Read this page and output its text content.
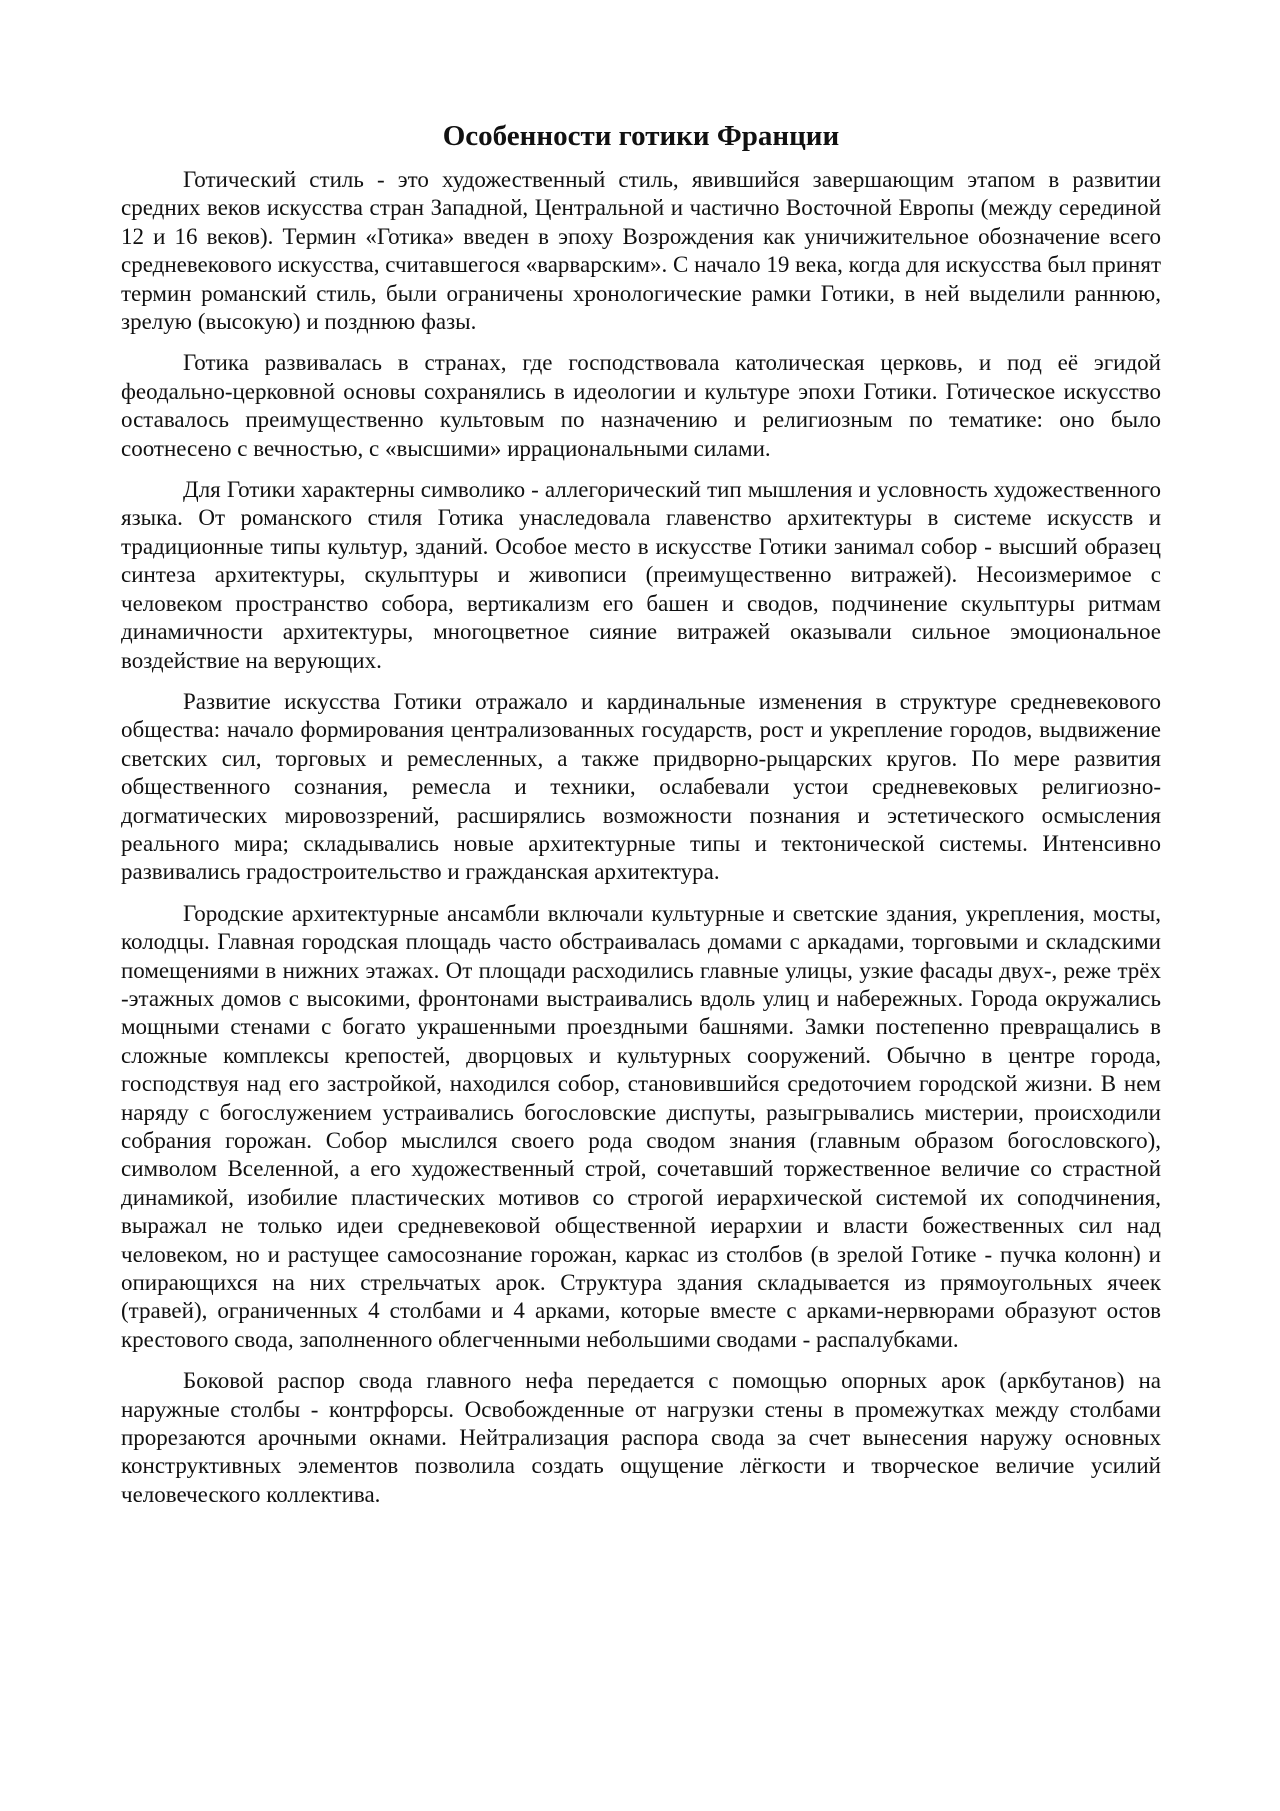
Особенности готики Франции

Готический стиль - это художественный стиль, явившийся завершающим этапом в развитии средних веков искусства стран Западной, Центральной и частично Восточной Европы (между серединой 12 и 16 веков). Термин «Готика» введен в эпоху Возрождения как уничижительное обозначение всего средневекового искусства, считавшегося «варварским». С начало 19 века, когда для искусства был принят термин романский стиль, были ограничены хронологические рамки Готики, в ней выделили раннюю, зрелую (высокую) и позднюю фазы.

Готика развивалась в странах, где господствовала католическая церковь, и под её эгидой феодально-церковной основы сохранялись в идеологии и культуре эпохи Готики. Готическое искусство оставалось преимущественно культовым по назначению и религиозным по тематике: оно было соотнесено с вечностью, с «высшими» иррациональными силами.

Для Готики характерны символико - аллегорический тип мышления и условность художественного языка. От романского стиля Готика унаследовала главенство архитектуры в системе искусств и традиционные типы культур, зданий. Особое место в искусстве Готики занимал собор - высший образец синтеза архитектуры, скульптуры и живописи (преимущественно витражей). Несоизмеримое с человеком пространство собора, вертикализм его башен и сводов, подчинение скульптуры ритмам динамичности архитектуры, многоцветное сияние витражей оказывали сильное эмоциональное воздействие на верующих.

Развитие искусства Готики отражало и кардинальные изменения в структуре средневекового общества: начало формирования централизованных государств, рост и укрепление городов, выдвижение светских сил, торговых и ремесленных, а также придворно-рыцарских кругов. По мере развития общественного сознания, ремесла и техники, ослабевали устои средневековых религиозно-догматических мировоззрений, расширялись возможности познания и эстетического осмысления реального мира; складывались новые архитектурные типы и тектонической системы. Интенсивно развивались градостроительство и гражданская архитектура.

Городские архитектурные ансамбли включали культурные и светские здания, укрепления, мосты, колодцы. Главная городская площадь часто обстраивалась домами с аркадами, торговыми и складскими помещениями в нижних этажах. От площади расходились главные улицы, узкие фасады двух-, реже трёх -этажных домов с высокими, фронтонами выстраивались вдоль улиц и набережных. Города окружались мощными стенами с богато украшенными проездными башнями. Замки постепенно превращались в сложные комплексы крепостей, дворцовых и культурных сооружений. Обычно в центре города, господствуя над его застройкой, находился собор, становившийся средоточием городской жизни. В нем наряду с богослужением устраивались богословские диспуты, разыгрывались мистерии, происходили собрания горожан. Собор мыслился своего рода сводом знания (главным образом богословского), символом Вселенной, а его художественный строй, сочетавший торжественное величие со страстной динамикой, изобилие пластических мотивов со строгой иерархической системой их соподчинения, выражал не только идеи средневековой общественной иерархии и власти божественных сил над человеком, но и растущее самосознание горожан, каркас из столбов (в зрелой Готике - пучка колонн) и опирающихся на них стрельчатых арок. Структура здания складывается из прямоугольных ячеек (травей), ограниченных 4 столбами и 4 арками, которые вместе с арками-нервюрами образуют остов крестового свода, заполненного облегченными небольшими сводами - распалубками.

Боковой распор свода главного нефа передается с помощью опорных арок (аркбутанов) на наружные столбы - контрфорсы. Освобожденные от нагрузки стены в промежутках между столбами прорезаются арочными окнами. Нейтрализация распора свода за счет вынесения наружу основных конструктивных элементов позволила создать ощущение лёгкости и творческое величие усилий человеческого коллектива.
